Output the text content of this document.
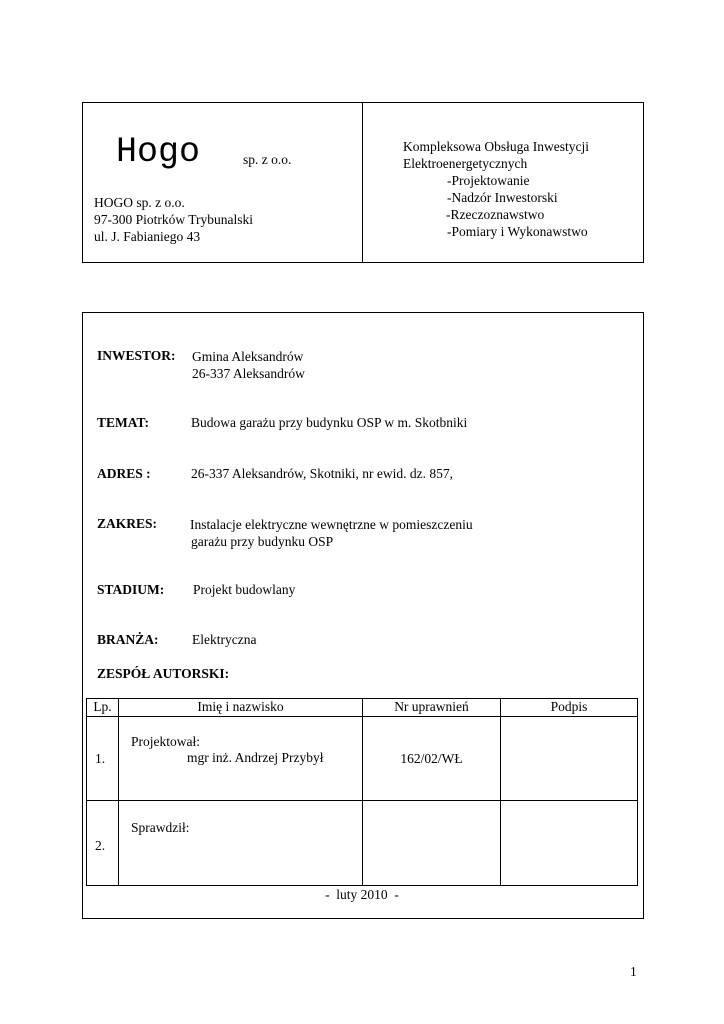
Hogo	sp. z o.o.
HOGO sp. z o.o.
97-300 Piotrków Trybunalski
ul. J. Fabianiego 43
Kompleksowa Obsługa Inwestycji
Elektroenergetycznych
-Projektowanie
-Nadzór Inwestorski
-Rzeczoznawstwo
-Pomiary i Wykonawstwo
INWESTOR: Gmina Aleksandrów
26-337 Aleksandrów
TEMAT:	Budowa garażu przy budynku OSP w m. Skotbniki
ADRES :	26-337 Aleksandrów, Skotniki, nr ewid. dz. 857,
ZAKRES: Instalacje elektryczne wewnętrzne w pomieszczeniu
garażu przy budynku OSP
STADIUM: Projekt budowlany
BRANŻA: Elektryczna
ZESPÓŁ AUTORSKI:
Lp.	Imię i nazwisko	Nr uprawnień	Podpis

1.	Projektował:
mgr inż. Andrzej Przybył	162/02/WŁ	

2.	Sprawdził:		

-  luty 2010  -
1
